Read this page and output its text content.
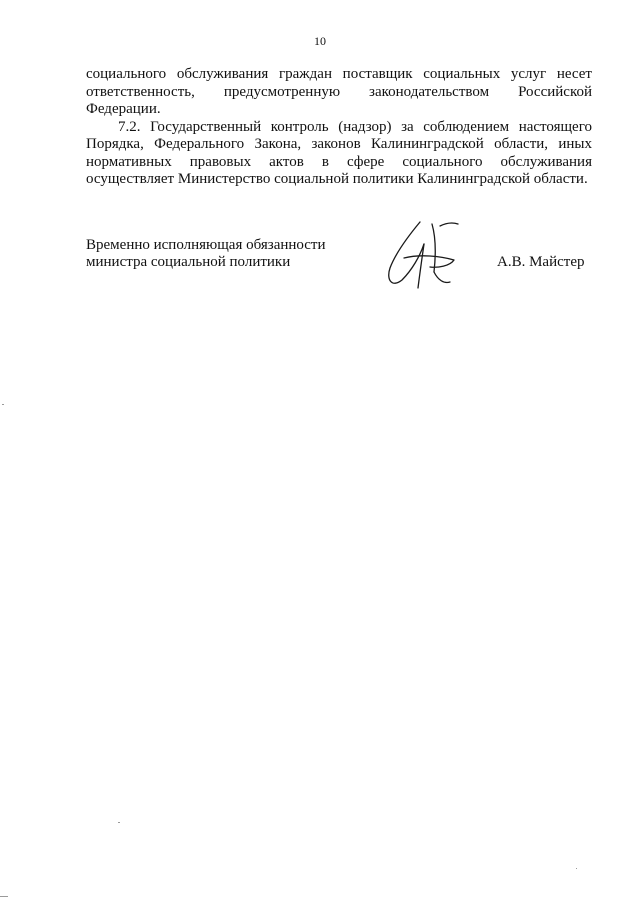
10

социального обслуживания граждан поставщик социальных услуг несет ответственность, предусмотренную законодательством Российской Федерации.

7.2. Государственный контроль (надзор) за соблюдением настоящего Порядка, Федерального Закона, законов Калининградской области, иных нормативных правовых актов в сфере социального обслуживания осуществляет Министерство социальной политики Калининградской области.

Временно исполняющая обязанности
министра социальной политики	А.В. Майстер
